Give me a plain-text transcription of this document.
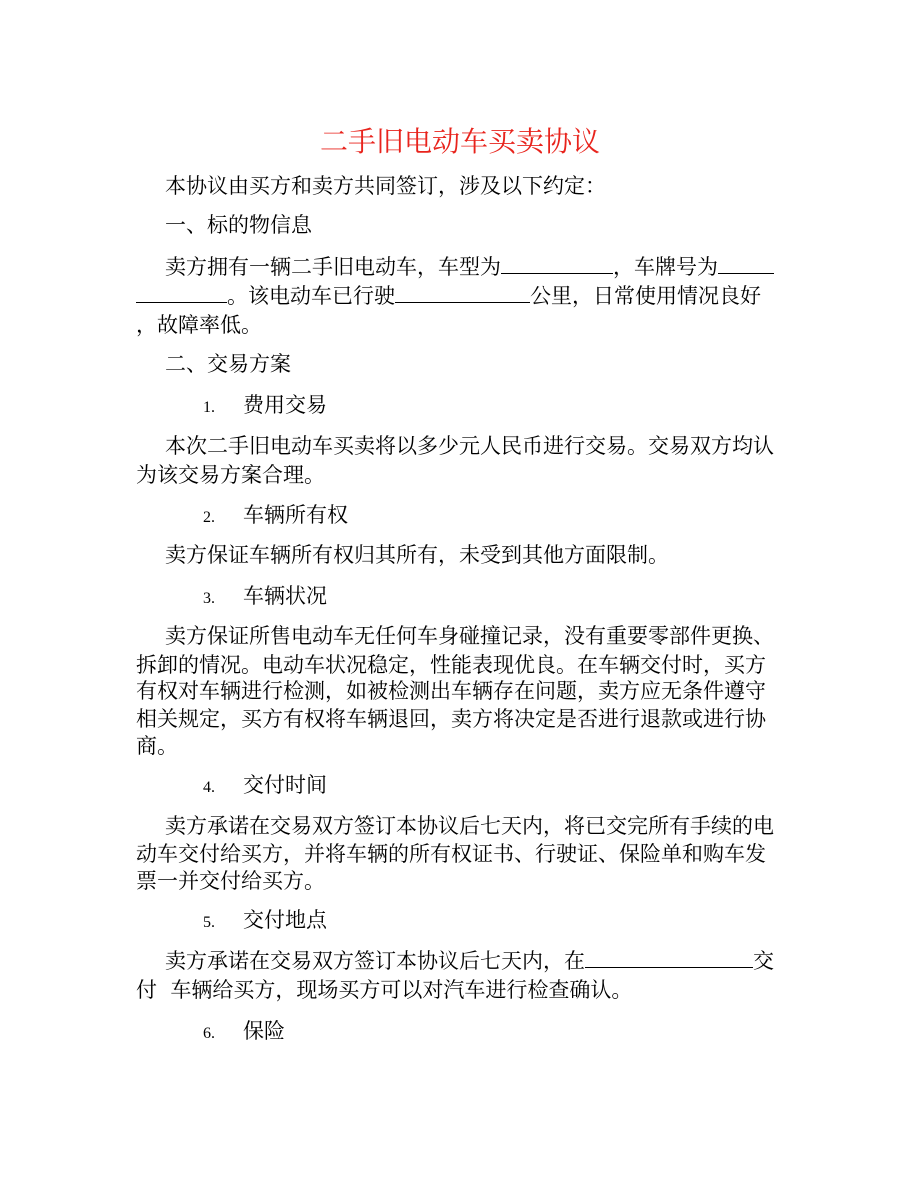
二手旧电动车买卖协议
本协议由买方和卖方共同签订，涉及以下约定：
一、标的物信息
卖方拥有一辆二手旧电动车，车型为	，车牌号为
。该电动车已行驶	公里，日常使用情况良好
，故障率低。
二、交易方案
1. 费用交易
本次二手旧电动车买卖将以多少元人民币进行交易。交易双方均认
为该交易方案合理。
2. 车辆所有权
卖方保证车辆所有权归其所有，未受到其他方面限制。
3. 车辆状况
卖方保证所售电动车无任何车身碰撞记录，没有重要零部件更换、
拆卸的情况。电动车状况稳定，性能表现优良。在车辆交付时，买方
有权对车辆进行检测，如被检测出车辆存在问题，卖方应无条件遵守
相关规定，买方有权将车辆退回，卖方将决定是否进行退款或进行协
商。
4. 交付时间
卖方承诺在交易双方签订本协议后七天内，将已交完所有手续的电
动车交付给买方，并将车辆的所有权证书、行驶证、保险单和购车发
票一并交付给买方。
5. 交付地点
卖方承诺在交易双方签订本协议后七天内，在	交
付  车辆给买方，现场买方可以对汽车进行检查确认。
6. 保险
